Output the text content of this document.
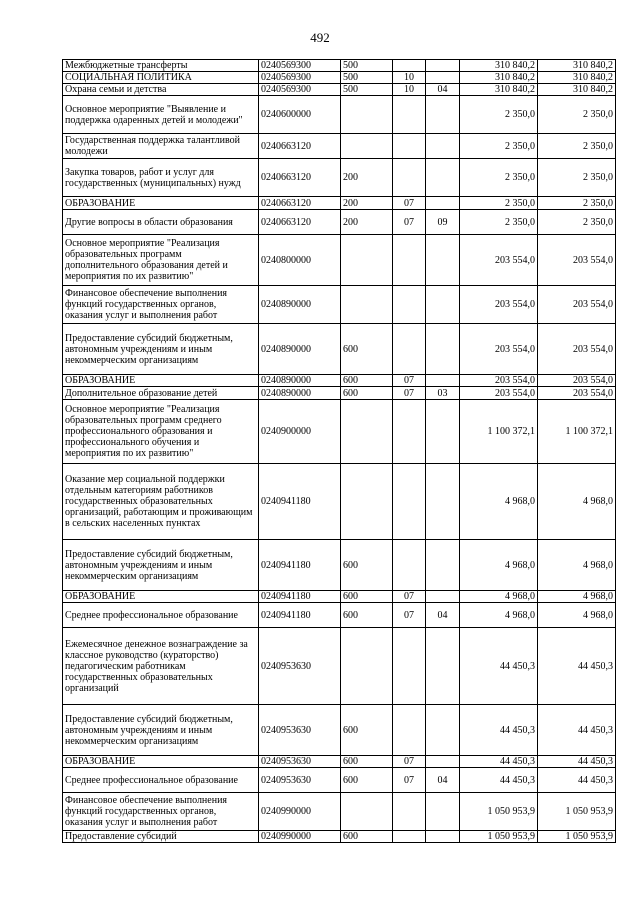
492
Межбюджетные трансферты	0240569300	500			310 840,2	310 840,2
СОЦИАЛЬНАЯ ПОЛИТИКА	0240569300	500	10		310 840,2	310 840,2
Охрана семьи и детства	0240569300	500	10	04	310 840,2	310 840,2
Основное мероприятие "Выявление и поддержка одаренных детей и молодежи"	0240600000				2 350,0	2 350,0
Государственная поддержка талантливой молодежи	0240663120				2 350,0	2 350,0
Закупка товаров, работ и услуг для государственных (муниципальных) нужд	0240663120	200			2 350,0	2 350,0
ОБРАЗОВАНИЕ	0240663120	200	07		2 350,0	2 350,0
Другие вопросы в области образования	0240663120	200	07	09	2 350,0	2 350,0
Основное мероприятие "Реализация образовательных программ дополнительного образования детей и мероприятия по их развитию"	0240800000				203 554,0	203 554,0
Финансовое обеспечение выполнения функций государственных органов, оказания услуг и выполнения работ	0240890000				203 554,0	203 554,0
Предоставление субсидий бюджетным, автономным учреждениям и иным некоммерческим организациям	0240890000	600			203 554,0	203 554,0
ОБРАЗОВАНИЕ	0240890000	600	07		203 554,0	203 554,0
Дополнительное образование детей	0240890000	600	07	03	203 554,0	203 554,0
Основное мероприятие "Реализация образовательных программ среднего профессионального образования и профессионального обучения и мероприятия по их развитию"	0240900000				1 100 372,1	1 100 372,1
Оказание мер социальной поддержки отдельным категориям работников государственных образовательных организаций, работающим и проживающим в сельских населенных пунктах	0240941180				4 968,0	4 968,0
Предоставление субсидий бюджетным, автономным учреждениям и иным некоммерческим организациям	0240941180	600			4 968,0	4 968,0
ОБРАЗОВАНИЕ	0240941180	600	07		4 968,0	4 968,0
Среднее профессиональное образование	0240941180	600	07	04	4 968,0	4 968,0
Ежемесячное денежное вознаграждение за классное руководство (кураторство) педагогическим работникам государственных образовательных организаций	0240953630				44 450,3	44 450,3
Предоставление субсидий бюджетным, автономным учреждениям и иным некоммерческим организациям	0240953630	600			44 450,3	44 450,3
ОБРАЗОВАНИЕ	0240953630	600	07		44 450,3	44 450,3
Среднее профессиональное образование	0240953630	600	07	04	44 450,3	44 450,3
Финансовое обеспечение выполнения функций государственных органов, оказания услуг и выполнения работ	0240990000				1 050 953,9	1 050 953,9
Предоставление субсидий	0240990000	600			1 050 953,9	1 050 953,9
